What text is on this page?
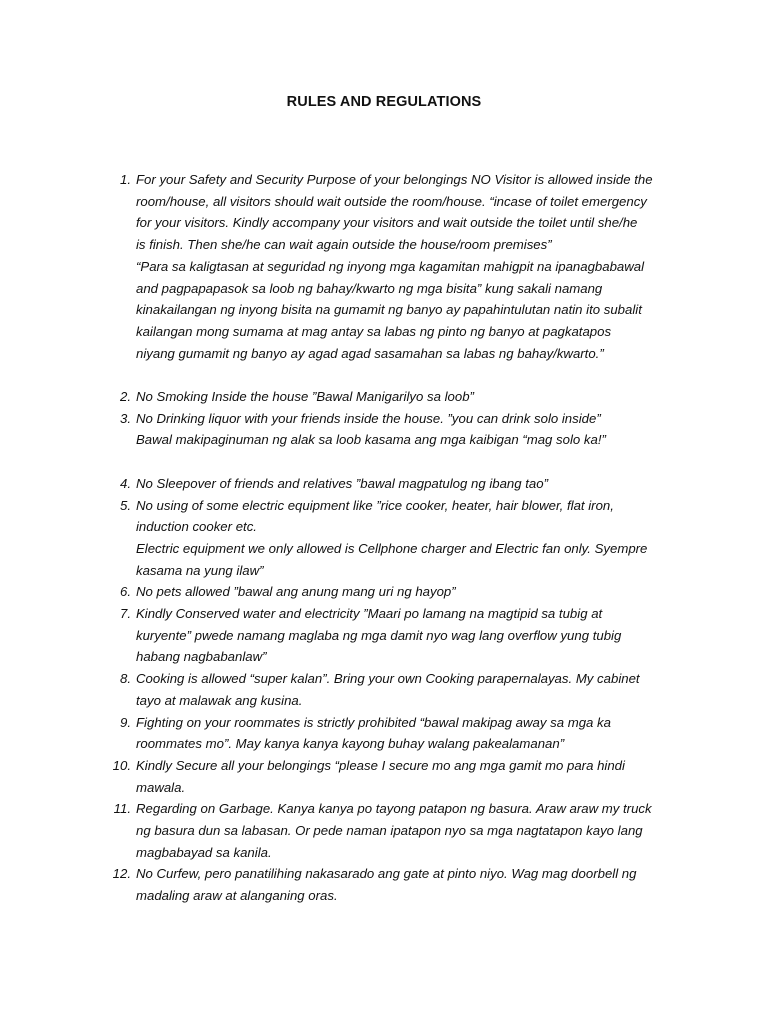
RULES AND REGULATIONS
1. For your Safety and Security Purpose of your belongings NO Visitor is allowed inside the
room/house, all visitors should wait outside the room/house. “incase of toilet emergency
for your visitors. Kindly accompany your visitors and wait outside the toilet until she/he
is finish. Then she/he can wait again outside the house/room premises”
“Para sa kaligtasan at seguridad ng inyong mga kagamitan mahigpit na ipanagbabawal
and pagpapapasok sa loob ng bahay/kwarto ng mga bisita” kung sakali namang
kinakailangan ng inyong bisita na gumamit ng banyo ay papahintulutan natin ito subalit
kailangan mong sumama at mag antay sa labas ng pinto ng banyo at pagkatapos
niyang gumamit ng banyo ay agad agad sasamahan sa labas ng bahay/kwarto.”
2. No Smoking Inside the house ”Bawal Manigarilyo sa loob”
3. No Drinking liquor with your friends inside the house. ”you can drink solo inside”
Bawal makipaginuman ng alak sa loob kasama ang mga kaibigan “mag solo ka!”
4. No Sleepover of friends and relatives ”bawal magpatulog ng ibang tao”
5. No using of some electric equipment like ”rice cooker, heater, hair blower, flat iron,
induction cooker etc.
Electric equipment we only allowed is Cellphone charger and Electric fan only. Syempre
kasama na yung ilaw”
6. No pets allowed ”bawal ang anung mang uri ng hayop”
7. Kindly Conserved water and electricity ”Maari po lamang na magtipid sa tubig at
kuryente” pwede namang maglaba ng mga damit nyo wag lang overflow yung tubig
habang nagbabanlaw”
8. Cooking is allowed “super kalan”. Bring your own Cooking parapernalayas. My cabinet
tayo at malawak ang kusina.
9. Fighting on your roommates is strictly prohibited “bawal makipag away sa mga ka
roommates mo”. May kanya kanya kayong buhay walang pakealamanan”
10. Kindly Secure all your belongings “please I secure mo ang mga gamit mo para hindi
mawala.
11. Regarding on Garbage. Kanya kanya po tayong patapon ng basura. Araw araw my truck
ng basura dun sa labasan. Or pede naman ipatapon nyo sa mga nagtatapon kayo lang
magbabayad sa kanila.
12. No Curfew, pero panatilihing nakasarado ang gate at pinto niyo. Wag mag doorbell ng
madaling araw at alanganing oras.
